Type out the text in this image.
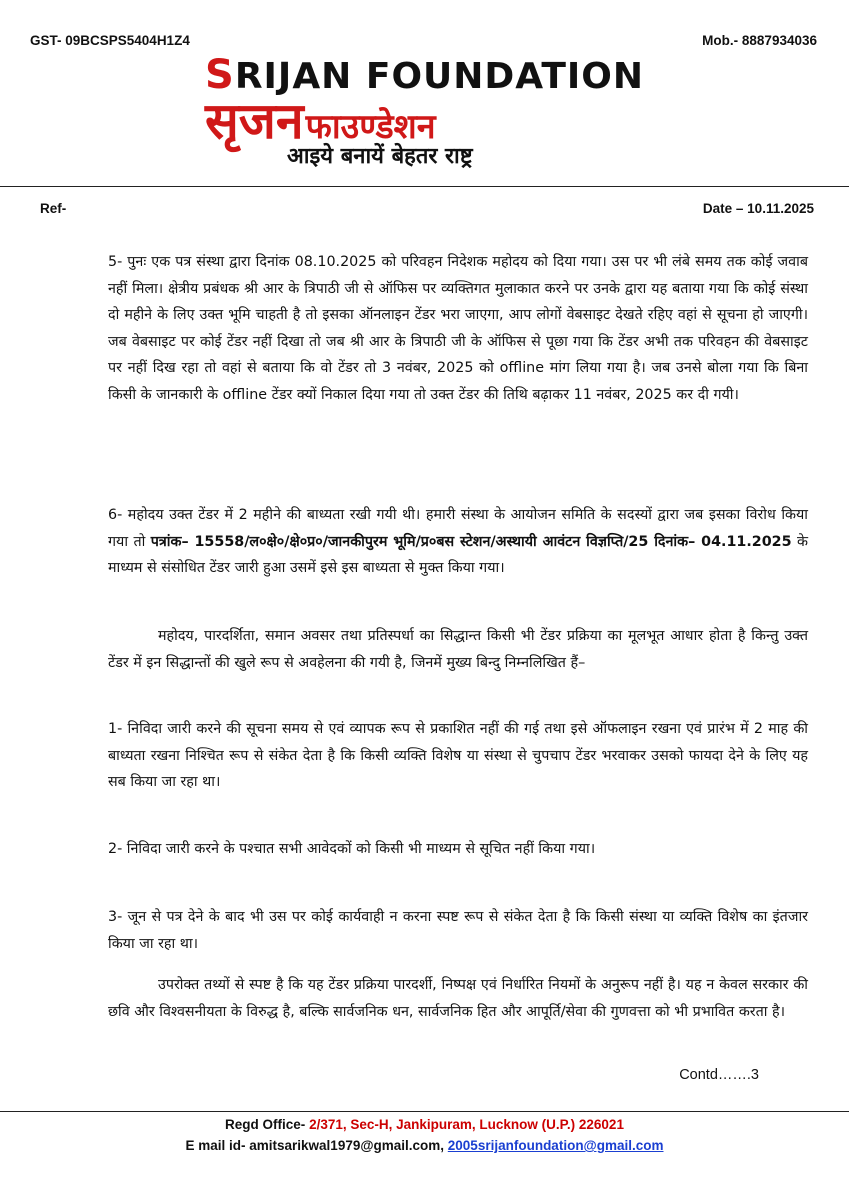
GST- 09BCSPS5404H1Z4	Mob.- 8887934036
SRIJAN FOUNDATION
सृजन फाउण्डेशन
आइये बनायें बेहतर राष्ट्र
Ref-	Date – 10.11.2025

5- पुनः एक पत्र संस्था द्वारा दिनांक 08.10.2025 को परिवहन निदेशक महोदय को दिया गया। उस पर भी लंबे समय तक कोई जवाब नहीं मिला। क्षेत्रीय प्रबंधक श्री आर के त्रिपाठी जी से ऑफिस पर व्यक्तिगत मुलाकात करने पर उनके द्वारा यह बताया गया कि कोई संस्था दो महीने के लिए उक्त भूमि चाहती है तो इसका ऑनलाइन टेंडर भरा जाएगा, आप लोगों वेबसाइट देखते रहिए वहां से सूचना हो जाएगी। जब वेबसाइट पर कोई टेंडर नहीं दिखा तो जब श्री आर के त्रिपाठी जी के ऑफिस से पूछा गया कि टेंडर अभी तक परिवहन की वेबसाइट पर नहीं दिख रहा तो वहां से बताया कि वो टेंडर तो 3 नवंबर, 2025 को offline मांग लिया गया है। जब उनसे बोला गया कि बिना किसी के जानकारी के offline टेंडर क्यों निकाल दिया गया तो उक्त टेंडर की तिथि बढ़ाकर 11 नवंबर, 2025 कर दी गयी।

6- महोदय उक्त टेंडर में 2 महीने की बाध्यता रखी गयी थी। हमारी संस्था के आयोजन समिति के सदस्यों द्वारा जब इसका विरोध किया गया तो पत्रांक– 15558/ल०क्षे०/क्षे०प्र०/जानकीपुरम भूमि/प्र०बस स्टेशन/अस्थायी आवंटन विज्ञप्ति/25 दिनांक– 04.11.2025 के माध्यम से संसोधित टेंडर जारी हुआ उसमें इसे इस बाध्यता से मुक्त किया गया।

महोदय, पारदर्शिता, समान अवसर तथा प्रतिस्पर्धा का सिद्धान्त किसी भी टेंडर प्रक्रिया का मूलभूत आधार होता है किन्तु उक्त टेंडर में इन सिद्धान्तों की खुले रूप से अवहेलना की गयी है, जिनमें मुख्य बिन्दु निम्नलिखित हैं–

1- निविदा जारी करने की सूचना समय से एवं व्यापक रूप से प्रकाशित नहीं की गई तथा इसे ऑफलाइन रखना एवं प्रारंभ में 2 माह की बाध्यता रखना निश्चित रूप से संकेत देता है कि किसी व्यक्ति विशेष या संस्था से चुपचाप टेंडर भरवाकर उसको फायदा देने के लिए यह सब किया जा रहा था।

2- निविदा जारी करने के पश्चात सभी आवेदकों को किसी भी माध्यम से सूचित नहीं किया गया।

3- जून से पत्र देने के बाद भी उस पर कोई कार्यवाही न करना स्पष्ट रूप से संकेत देता है कि किसी संस्था या व्यक्ति विशेष का इंतजार किया जा रहा था।

उपरोक्त तथ्यों से स्पष्ट है कि यह टेंडर प्रक्रिया पारदर्शी, निष्पक्ष एवं निर्धारित नियमों के अनुरूप नहीं है। यह न केवल सरकार की छवि और विश्वसनीयता के विरुद्ध है, बल्कि सार्वजनिक धन, सार्वजनिक हित और आपूर्ति/सेवा की गुणवत्ता को भी प्रभावित करता है।

Contd…….3
Regd Office- 2/371, Sec-H, Jankipuram, Lucknow (U.P.) 226021
E mail id- amitsarikwal1979@gmail.com, 2005srijanfoundation@gmail.com
